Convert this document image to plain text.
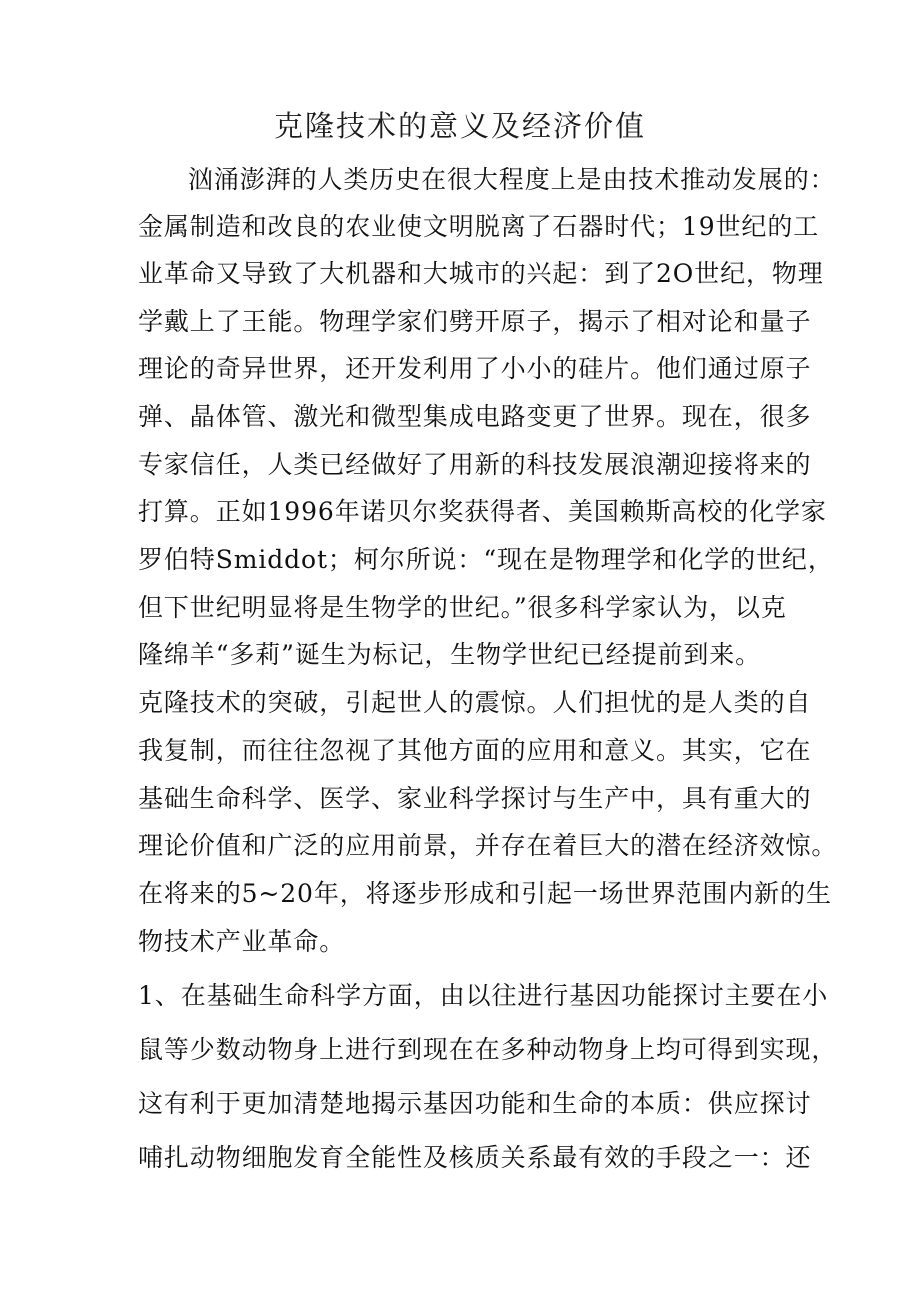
克隆技术的意义及经济价值

汹涌澎湃的人类历史在很大程度上是由技术推动发展的：

金属制造和改良的农业使文明脱离了石器时代；19世纪的工

业革命又导致了大机器和大城市的兴起：到了2O世纪，物理

学戴上了王能。物理学家们劈开原子，揭示了相对论和量子

理论的奇异世界，还开发利用了小小的硅片。他们通过原子

弹、晶体管、激光和微型集成电路变更了世界。现在，很多

专家信任，人类已经做好了用新的科技发展浪潮迎接将来的

打算。正如1996年诺贝尔奖获得者、美国赖斯高校的化学家

罗伯特Smiddot；柯尔所说：“现在是物理学和化学的世纪，

但下世纪明显将是生物学的世纪。”很多科学家认为，以克

隆绵羊“多莉”诞生为标记，生物学世纪已经提前到来。

克隆技术的突破，引起世人的震惊。人们担忧的是人类的自

我复制，而往往忽视了其他方面的应用和意义。其实，它在

基础生命科学、医学、家业科学探讨与生产中，具有重大的

理论价值和广泛的应用前景，并存在着巨大的潜在经济效惊。

在将来的5~20年，将逐步形成和引起一场世界范围内新的生

物技术产业革命。

1、在基础生命科学方面，由以往进行基因功能探讨主要在小

鼠等少数动物身上进行到现在在多种动物身上均可得到实现，

这有利于更加清楚地揭示基因功能和生命的本质：供应探讨

哺扎动物细胞发育全能性及核质关系最有效的手段之一：还
